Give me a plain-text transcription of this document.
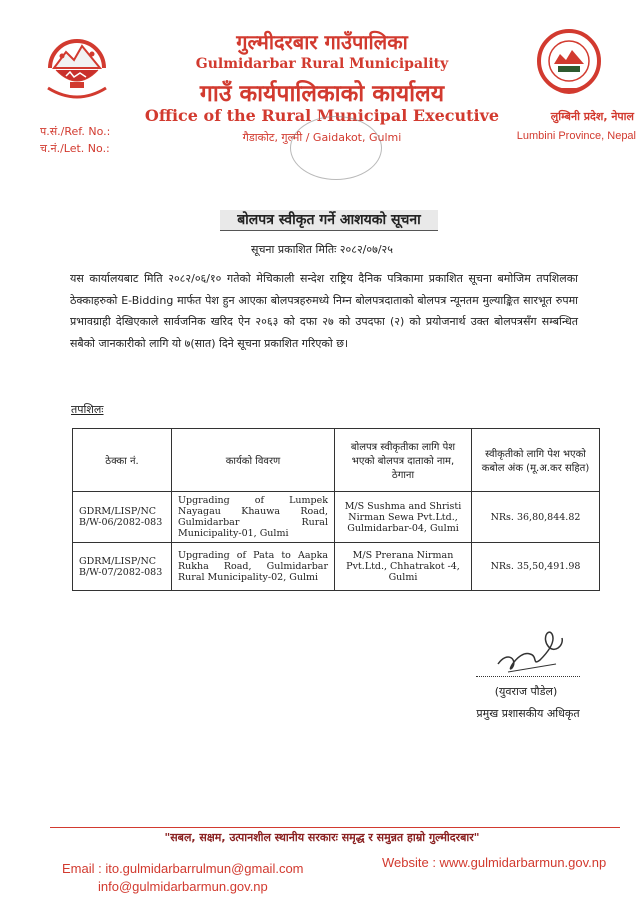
गुल्मीदरबार गाउँपालिका
Gulmidarbar Rural Municipality
गाउँ कार्यपालिकाको कार्यालय
Office of the Rural Municipal Executive
गैडाकोट, गुल्मी / Gaidakot, Gulmi
लुम्बिनी प्रदेश, नेपाल
Lumbini Province, Nepal
प.सं./Ref. No.:
च.नं./Let. No.:
बोलपत्र स्वीकृत गर्ने आशयको सूचना
सूचना प्रकाशित मितिः २०८२/०७/२५
यस कार्यालयबाट मिति २०८२/०६/१० गतेको मेचिकाली सन्देश राष्ट्रिय दैनिक पत्रिकामा प्रकाशित सूचना बमोजिम तपशिलका ठेक्काहरुको E-Bidding मार्फत पेश हुन आएका बोलपत्रहरुमध्ये निम्न बोलपत्रदाताको बोलपत्र न्यूनतम मुल्याङ्कित सारभूत रुपमा प्रभावग्राही देखिएकाले सार्वजनिक खरिद ऐन २०६३ को दफा २७ को उपदफा (२) को प्रयोजनार्थ उक्त बोलपत्रसँग सम्बन्धित सबैको जानकारीको लागि यो ७(सात) दिने सूचना प्रकाशित गरिएको छ।
तपशिलः
ठेक्का नं.	कार्यको विवरण	बोलपत्र स्वीकृतीका लागि पेश भएको बोलपत्र दाताको नाम, ठेगाना	स्वीकृतीको लागि पेश भएको कबोल अंक (मू.अ.कर सहित)
GDRM/LISP/NCB/W-06/2082-083	Upgrading of Lumpek Nayagau Khauwa Road, Gulmidarbar Rural Municipality-01, Gulmi	M/S Sushma and Shristi Nirman Sewa Pvt.Ltd., Gulmidarbar-04, Gulmi	NRs. 36,80,844.82
GDRM/LISP/NCB/W-07/2082-083	Upgrading of Pata to Aapka Rukha Road, Gulmidarbar Rural Municipality-02, Gulmi	M/S Prerana Nirman Pvt.Ltd., Chhatrakot -4, Gulmi	NRs. 35,50,491.98
(युवराज पौडेल)
प्रमुख प्रशासकीय अधिकृत
"सबल, सक्षम, उत्पानशील स्थानीय सरकारः समृद्ध र समुन्नत हाम्रो गुल्मीदरबार"
Email : ito.gulmidarbarrulmun@gmail.com
info@gulmidarbarmun.gov.np
Website : www.gulmidarbarmun.gov.np
